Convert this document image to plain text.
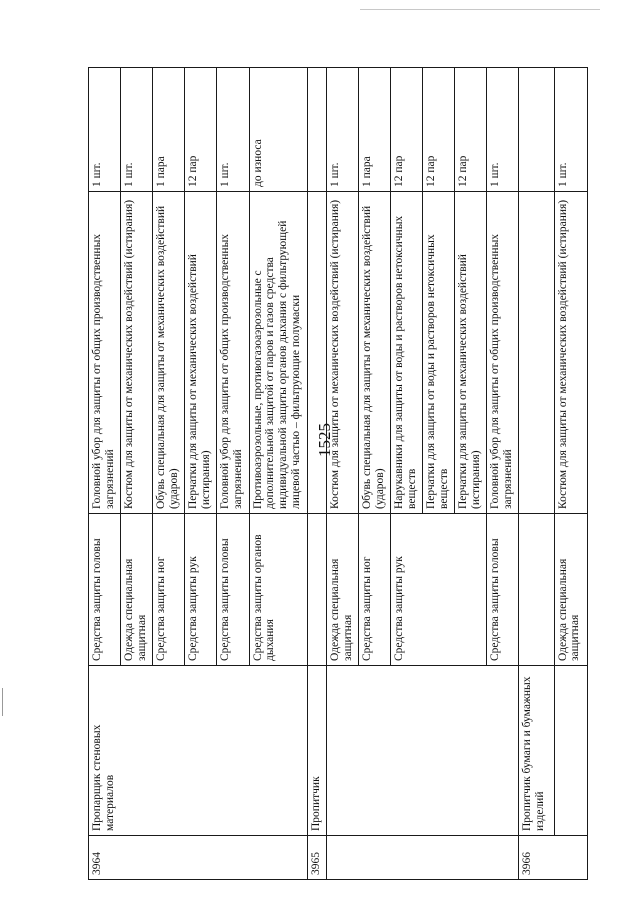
1525
3964	Пропарщик стеновых материалов	Средства защиты головы	Головной убор для защиты от общих производственных загрязнений	1 шт.
		Одежда специальная защитная	Костюм для защиты от механических воздействий (истирания)	1 шт.
		Средства защиты ног	Обувь специальная для защиты от механических воздействий (ударов)	1 пара
		Средства защиты рук	Перчатки для защиты от механических воздействий (истирания)	12 пар
		Средства защиты головы	Головной убор для защиты от общих производственных загрязнений	1 шт.
		Средства защиты органов дыхания	Противоаэрозольные, противогазоаэрозольные с дополнительной защитой от паров и газов средства индивидуальной защиты органов дыхания с фильтрующей лицевой частью – фильтрующие полумаски	до износа
3965	Пропитчик			
		Одежда специальная защитная	Костюм для защиты от механических воздействий (истирания)	1 шт.
		Средства защиты ног	Обувь специальная для защиты от механических воздействий (ударов)	1 пара
		Средства защиты рук	Нарукавники для защиты от воды и растворов нетоксичных веществ	12 пар
			Перчатки для защиты от воды и растворов нетоксичных веществ	12 пар
			Перчатки для защиты от механических воздействий (истирания)	12 пар
		Средства защиты головы	Головной убор для защиты от общих производственных загрязнений	1 шт.
3966	Пропитчик бумаги и бумажных изделий			
		Одежда специальная защитная	Костюм для защиты от механических воздействий (истирания)	1 шт.
